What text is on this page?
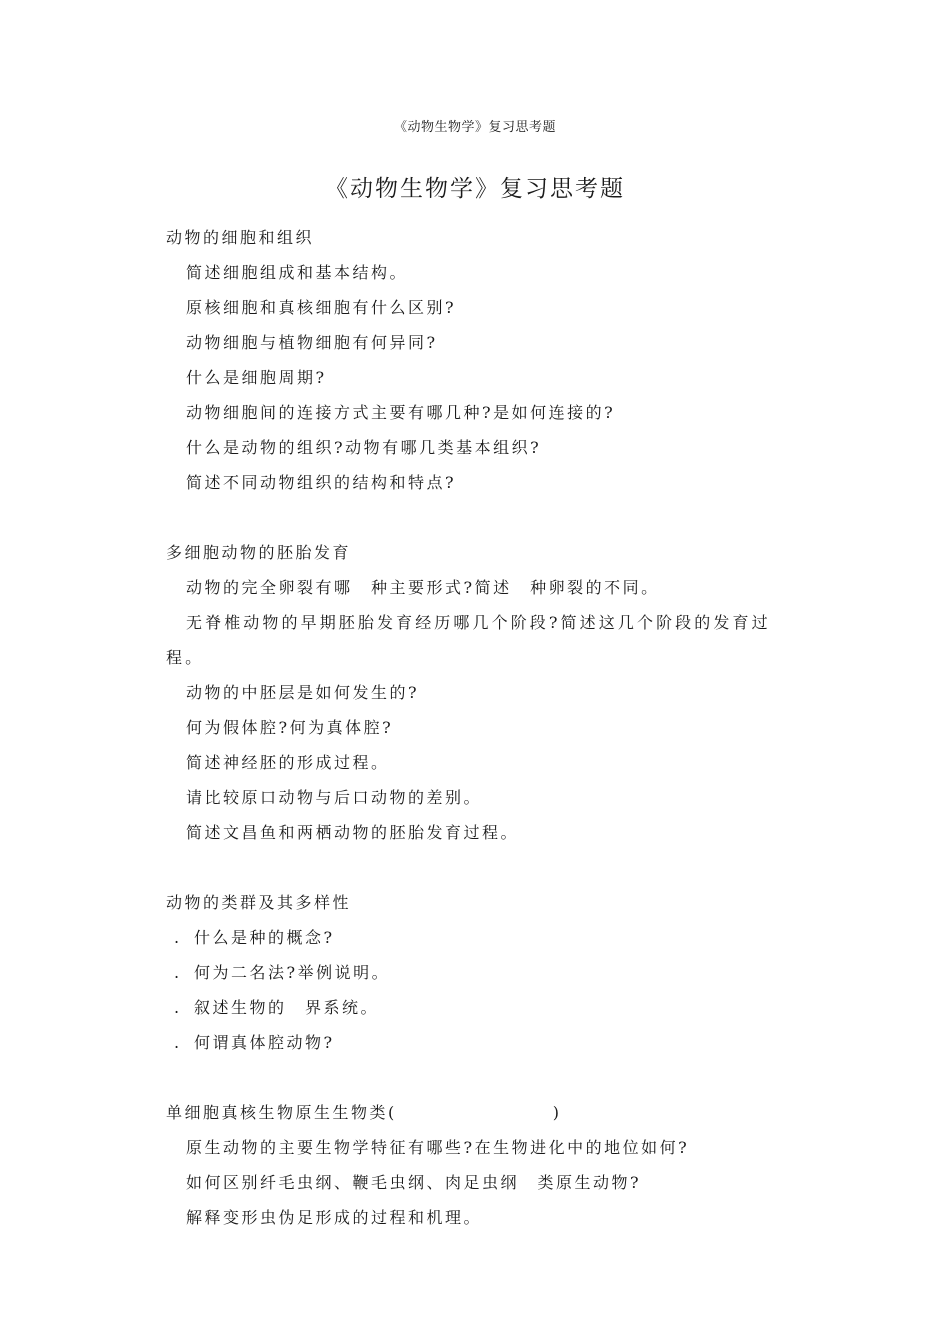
《动物生物学》复习思考题
《动物生物学》复习思考题
动物的细胞和组织
简述细胞组成和基本结构。
原核细胞和真核细胞有什么区别?
动物细胞与植物细胞有何异同?
什么是细胞周期?
动物细胞间的连接方式主要有哪几种?是如何连接的?
什么是动物的组织?动物有哪几类基本组织?
简述不同动物组织的结构和特点?
多细胞动物的胚胎发育
动物的完全卵裂有哪　种主要形式?简述　种卵裂的不同。
无脊椎动物的早期胚胎发育经历哪几个阶段?简述这几个阶段的发育过程。
动物的中胚层是如何发生的?
何为假体腔?何为真体腔?
简述神经胚的形成过程。
请比较原口动物与后口动物的差别。
简述文昌鱼和两栖动物的胚胎发育过程。
动物的类群及其多样性
. 什么是种的概念?
. 何为二名法?举例说明。
. 叙述生物的　界系统。
. 何谓真体腔动物?
单细胞真核生物原生生物类(	)
原生动物的主要生物学特征有哪些?在生物进化中的地位如何?
如何区别纤毛虫纲、鞭毛虫纲、肉足虫纲　类原生动物?
解释变形虫伪足形成的过程和机理。
